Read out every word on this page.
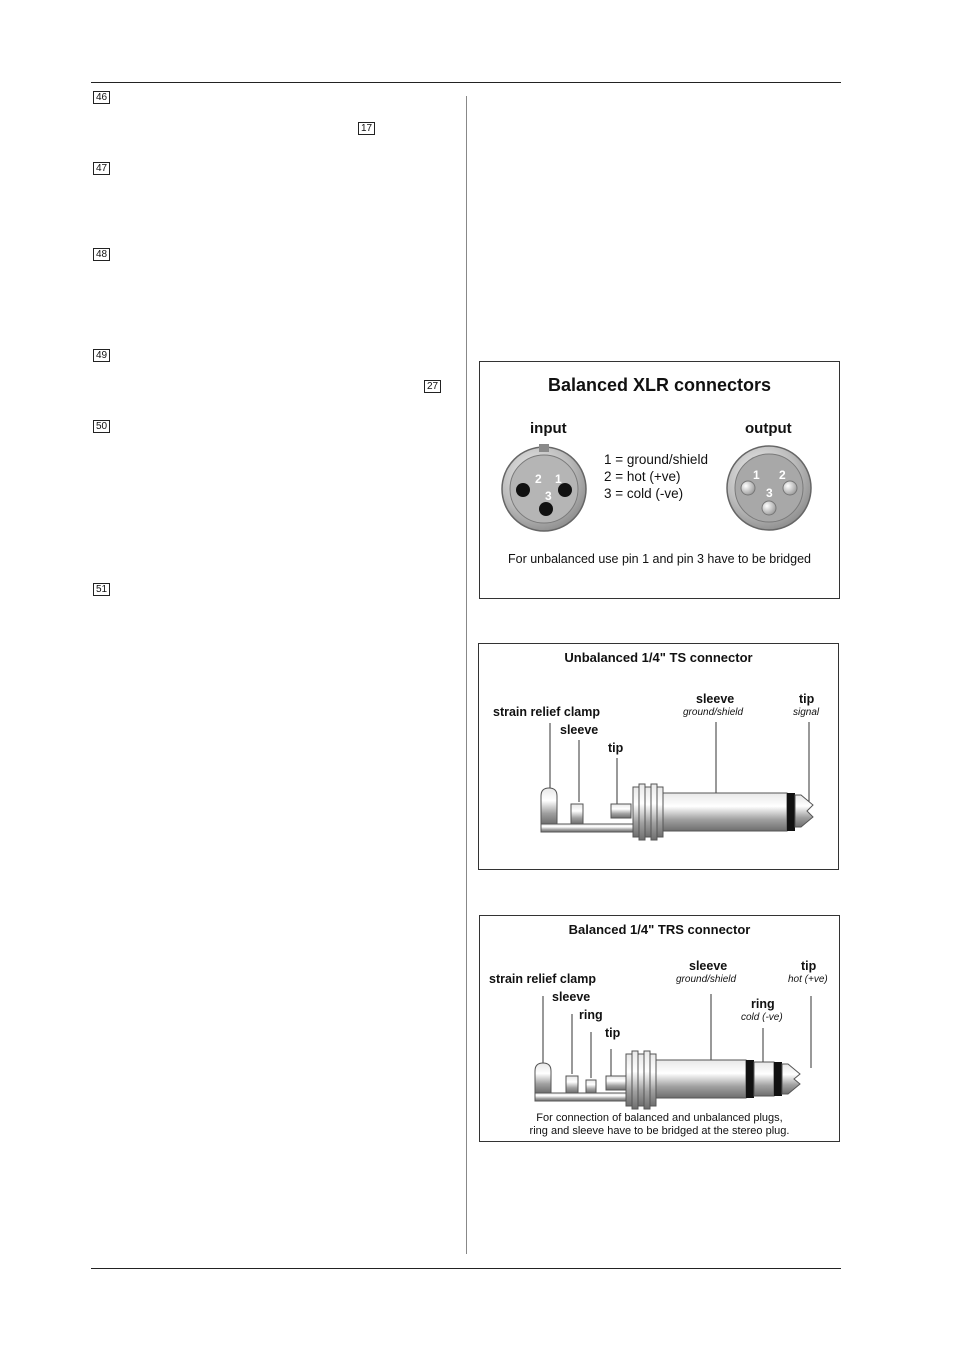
46
17
47
48
49
27
50
51
Balanced XLR connectors
input	output
1 = ground/shield
2 = hot (+ve)
3 = cold (-ve)
2 1
3
1 2
3
For unbalanced use pin 1 and pin 3 have to be bridged
Unbalanced 1/4" TS connector
strain relief clamp
sleeve
tip
sleeve
ground/shield
tip
signal
Balanced 1/4" TRS connector
strain relief clamp
sleeve
ring
tip
sleeve
ground/shield
ring
cold (-ve)
tip
hot (+ve)
For connection of balanced and unbalanced plugs,
ring and sleeve have to be bridged at the stereo plug.
